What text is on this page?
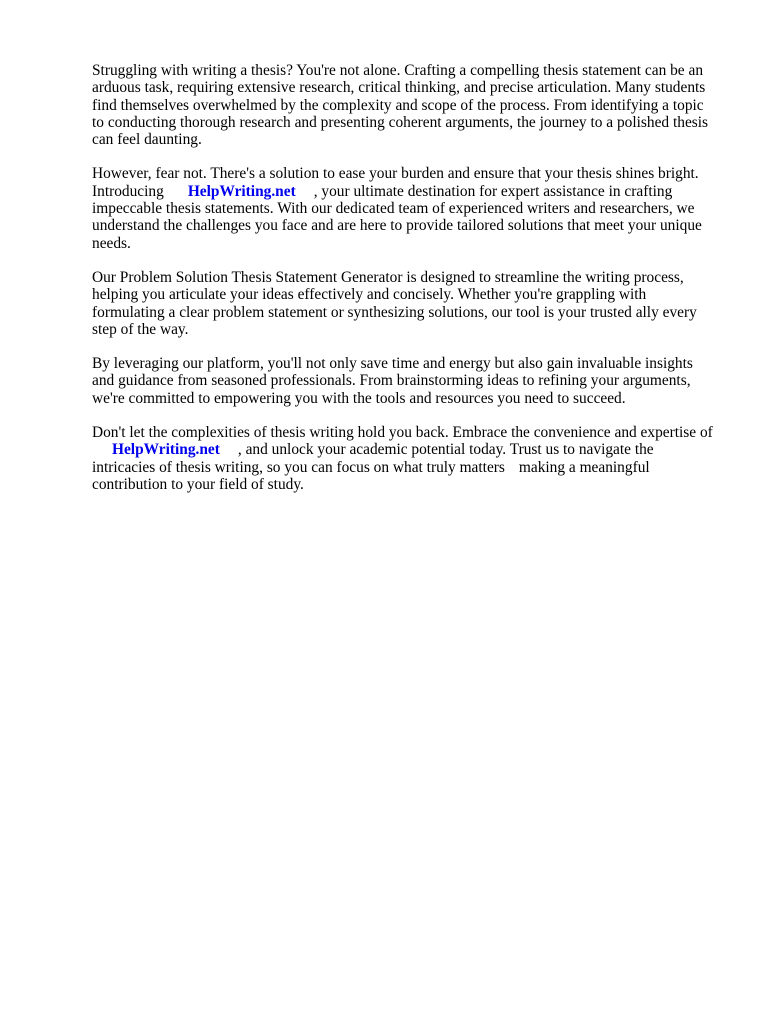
Struggling with writing a thesis? You're not alone. Crafting a compelling thesis statement can be an
arduous task, requiring extensive research, critical thinking, and precise articulation. Many students
find themselves overwhelmed by the complexity and scope of the process. From identifying a topic
to conducting thorough research and presenting coherent arguments, the journey to a polished thesis
can feel daunting.

However, fear not. There's a solution to ease your burden and ensure that your thesis shines bright.
Introducing HelpWriting.net , your ultimate destination for expert assistance in crafting
impeccable thesis statements. With our dedicated team of experienced writers and researchers, we
understand the challenges you face and are here to provide tailored solutions that meet your unique
needs.

Our Problem Solution Thesis Statement Generator is designed to streamline the writing process,
helping you articulate your ideas effectively and concisely. Whether you're grappling with
formulating a clear problem statement or synthesizing solutions, our tool is your trusted ally every
step of the way.

By leveraging our platform, you'll not only save time and energy but also gain invaluable insights
and guidance from seasoned professionals. From brainstorming ideas to refining your arguments,
we're committed to empowering you with the tools and resources you need to succeed.

Don't let the complexities of thesis writing hold you back. Embrace the convenience and expertise of
HelpWriting.net , and unlock your academic potential today. Trust us to navigate the
intricacies of thesis writing, so you can focus on what truly matters making a meaningful
contribution to your field of study.
